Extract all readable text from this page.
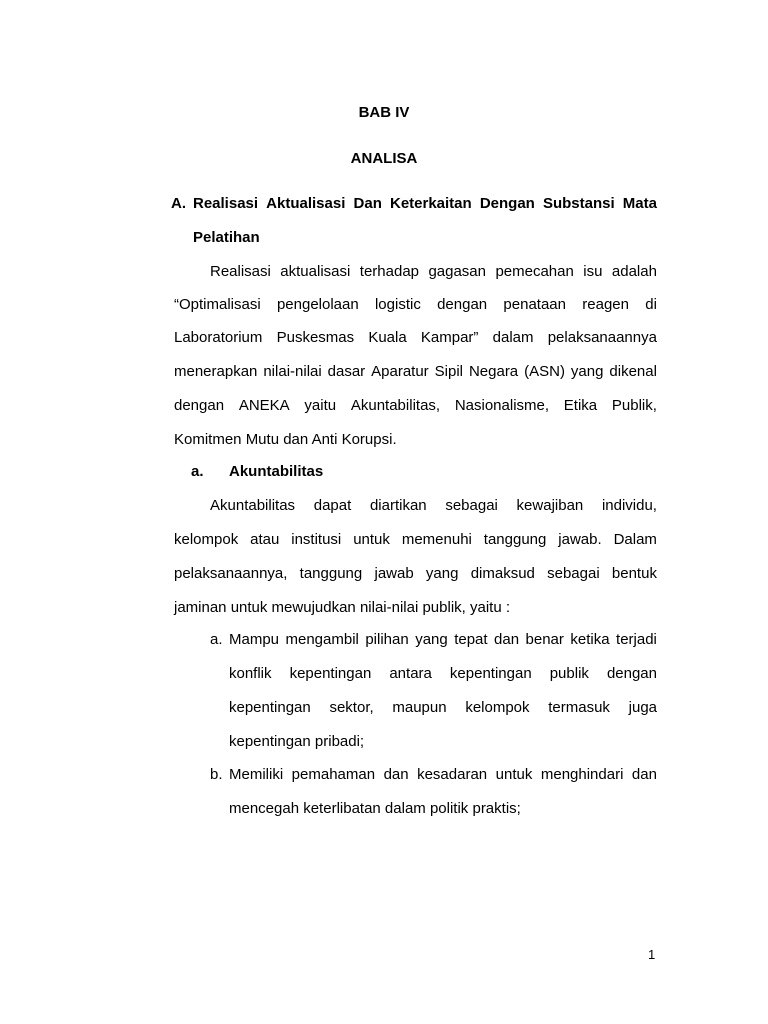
BAB IV
ANALISA
A. Realisasi Aktualisasi Dan Keterkaitan Dengan Substansi Mata
Pelatihan
Realisasi aktualisasi terhadap gagasan pemecahan isu adalah
“Optimalisasi pengelolaan logistic dengan penataan reagen di
Laboratorium Puskesmas Kuala Kampar” dalam pelaksanaannya
menerapkan nilai-nilai dasar Aparatur Sipil Negara (ASN) yang dikenal
dengan ANEKA yaitu Akuntabilitas, Nasionalisme, Etika Publik,
Komitmen Mutu dan Anti Korupsi.
a. Akuntabilitas
Akuntabilitas dapat diartikan sebagai kewajiban individu,
kelompok atau institusi untuk memenuhi tanggung jawab. Dalam
pelaksanaannya, tanggung jawab yang dimaksud sebagai bentuk
jaminan untuk mewujudkan nilai-nilai publik, yaitu :
a. Mampu mengambil pilihan yang tepat dan benar ketika terjadi
konflik kepentingan antara kepentingan publik dengan
kepentingan sektor, maupun kelompok termasuk juga
kepentingan pribadi;
b. Memiliki pemahaman dan kesadaran untuk menghindari dan
mencegah keterlibatan dalam politik praktis;
1
